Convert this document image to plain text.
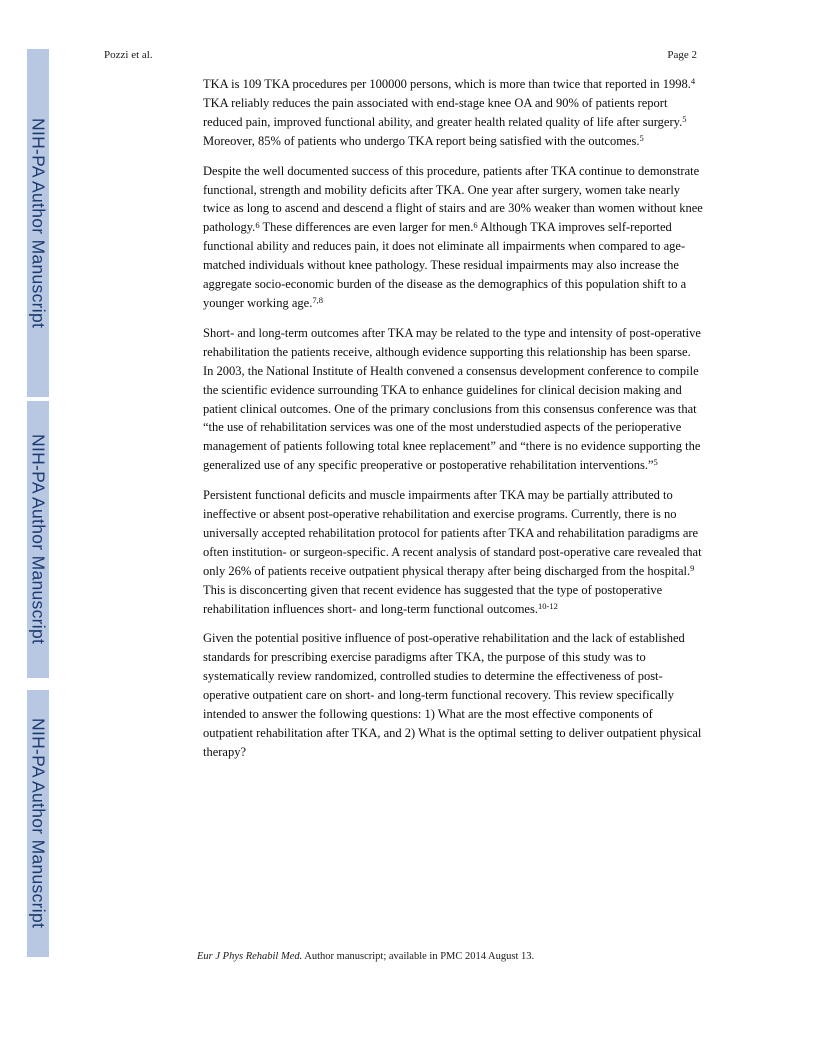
NIH-PA Author Manuscript
NIH-PA Author Manuscript
NIH-PA Author Manuscript
Pozzi et al.	Page 2

TKA is 109 TKA procedures per 100000 persons, which is more than twice that reported in 1998.$^4$ TKA reliably reduces the pain associated with end-stage knee OA and 90% of patients report reduced pain, improved functional ability, and greater health related quality of life after surgery.$^5$ Moreover, 85% of patients who undergo TKA report being satisfied with the outcomes.$^5$

Despite the well documented success of this procedure, patients after TKA continue to demonstrate functional, strength and mobility deficits after TKA. One year after surgery, women take nearly twice as long to ascend and descend a flight of stairs and are 30% weaker than women without knee pathology.$^6$ These differences are even larger for men.$^6$ Although TKA improves self-reported functional ability and reduces pain, it does not eliminate all impairments when compared to age-matched individuals without knee pathology. These residual impairments may also increase the aggregate socio-economic burden of the disease as the demographics of this population shift to a younger working age.$^{7,8}$

Short- and long-term outcomes after TKA may be related to the type and intensity of post-operative rehabilitation the patients receive, although evidence supporting this relationship has been sparse. In 2003, the National Institute of Health convened a consensus development conference to compile the scientific evidence surrounding TKA to enhance guidelines for clinical decision making and patient clinical outcomes. One of the primary conclusions from this consensus conference was that “the use of rehabilitation services was one of the most understudied aspects of the perioperative management of patients following total knee replacement” and “there is no evidence supporting the generalized use of any specific preoperative or postoperative rehabilitation interventions.”$^5$

Persistent functional deficits and muscle impairments after TKA may be partially attributed to ineffective or absent post-operative rehabilitation and exercise programs. Currently, there is no universally accepted rehabilitation protocol for patients after TKA and rehabilitation paradigms are often institution- or surgeon-specific. A recent analysis of standard post-operative care revealed that only 26% of patients receive outpatient physical therapy after being discharged from the hospital.$^9$ This is disconcerting given that recent evidence has suggested that the type of postoperative rehabilitation influences short- and long-term functional outcomes.$^{10-12}$

Given the potential positive influence of post-operative rehabilitation and the lack of established standards for prescribing exercise paradigms after TKA, the purpose of this study was to systematically review randomized, controlled studies to determine the effectiveness of post-operative outpatient care on short- and long-term functional recovery. This review specifically intended to answer the following questions: 1) What are the most effective components of outpatient rehabilitation after TKA, and 2) What is the optimal setting to deliver outpatient physical therapy?

Eur J Phys Rehabil Med. Author manuscript; available in PMC 2014 August 13.
